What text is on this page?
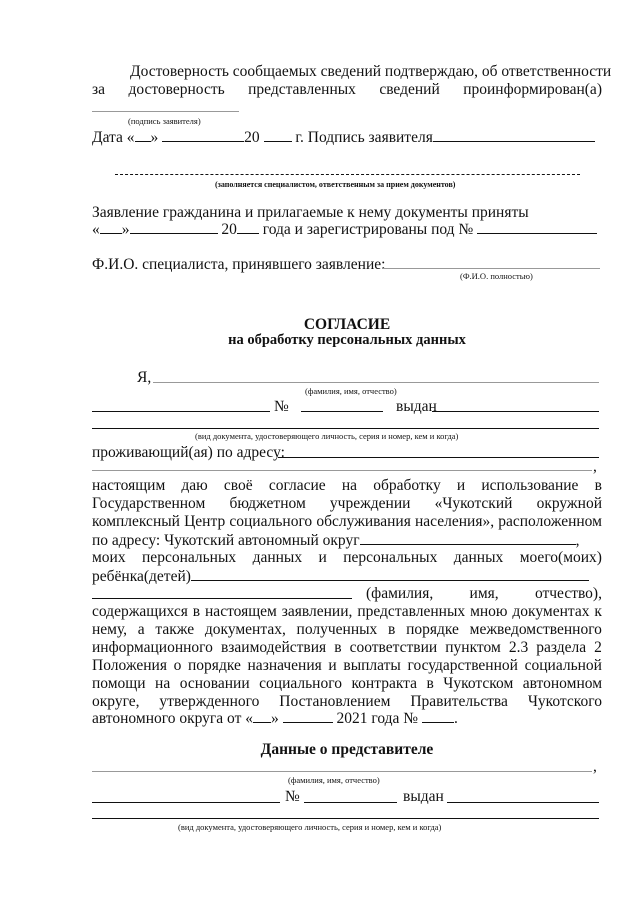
Достоверность сообщаемых сведений подтверждаю, об ответственности
за достоверность представленных сведений проинформирован(а)
(подпись заявителя)
Дата « »	20 г. Подпись заявителя
(заполняется специалистом, ответственным за прием документов)
Заявление гражданина и прилагаемые к нему документы приняты
« »	20 года и зарегистрированы под №
Ф.И.О. специалиста, принявшего заявление:
(Ф.И.О. полностью)
СОГЛАСИЕ
на обработку персональных данных
Я,
(фамилия, имя, отчество)
№	выдан
(вид документа, удостоверяющего личность, серия и номер, кем и когда)
проживающий(ая) по адресу:
,
настоящим даю своё согласие на обработку и использование в
Государственном бюджетном учреждении «Чукотский окружной
комплексный Центр социального обслуживания населения», расположенном
по адресу: Чукотский автономный округ	,
моих персональных данных и персональных данных моего(моих)
ребёнка(детей)
(фамилия, имя, отчество),
содержащихся в настоящем заявлении, представленных мною документах к
нему, а также документах, полученных в порядке межведомственного
информационного взаимодействия в соответствии пунктом 2.3 раздела 2
Положения о порядке назначения и выплаты государственной социальной
помощи на основании социального контракта в Чукотском автономном
округе, утвержденного Постановлением Правительства Чукотского
автономного округа от « »	2021 года № .
Данные о представителе
,
(фамилия, имя, отчество)
№	выдан
(вид документа, удостоверяющего личность, серия и номер, кем и когда)
